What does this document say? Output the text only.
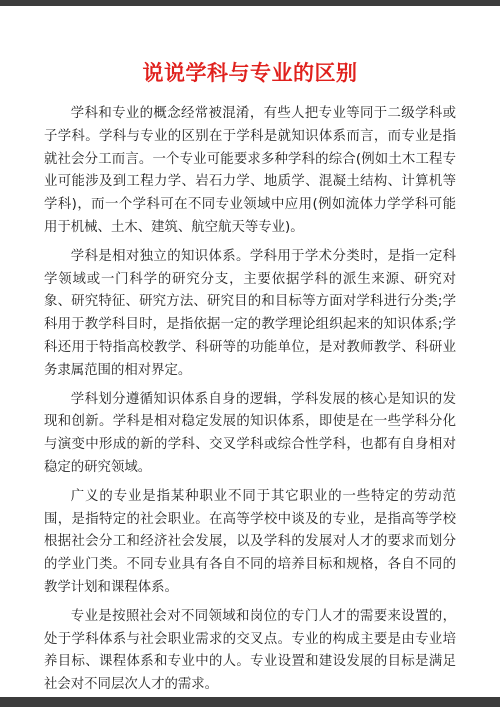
说说学科与专业的区别

学科和专业的概念经常被混淆，有些人把专业等同于二级学科或子学科。学科与专业的区别在于学科是就知识体系而言，而专业是指就社会分工而言。一个专业可能要求多种学科的综合(例如土木工程专业可能涉及到工程力学、岩石力学、地质学、混凝土结构、计算机等学科)，而一个学科可在不同专业领域中应用(例如流体力学学科可能用于机械、土木、建筑、航空航天等专业)。

学科是相对独立的知识体系。学科用于学术分类时，是指一定科学领域或一门科学的研究分支，主要依据学科的派生来源、研究对象、研究特征、研究方法、研究目的和目标等方面对学科进行分类;学科用于教学科目时，是指依据一定的教学理论组织起来的知识体系;学科还用于特指高校教学、科研等的功能单位，是对教师教学、科研业务隶属范围的相对界定。

学科划分遵循知识体系自身的逻辑，学科发展的核心是知识的发现和创新。学科是相对稳定发展的知识体系，即使是在一些学科分化与演变中形成的新的学科、交叉学科或综合性学科，也都有自身相对稳定的研究领域。

广义的专业是指某种职业不同于其它职业的一些特定的劳动范围，是指特定的社会职业。在高等学校中谈及的专业，是指高等学校根据社会分工和经济社会发展，以及学科的发展对人才的要求而划分的学业门类。不同专业具有各自不同的培养目标和规格，各自不同的教学计划和课程体系。

专业是按照社会对不同领域和岗位的专门人才的需要来设置的，处于学科体系与社会职业需求的交叉点。专业的构成主要是由专业培养目标、课程体系和专业中的人。专业设置和建设发展的目标是满足社会对不同层次人才的需求。
